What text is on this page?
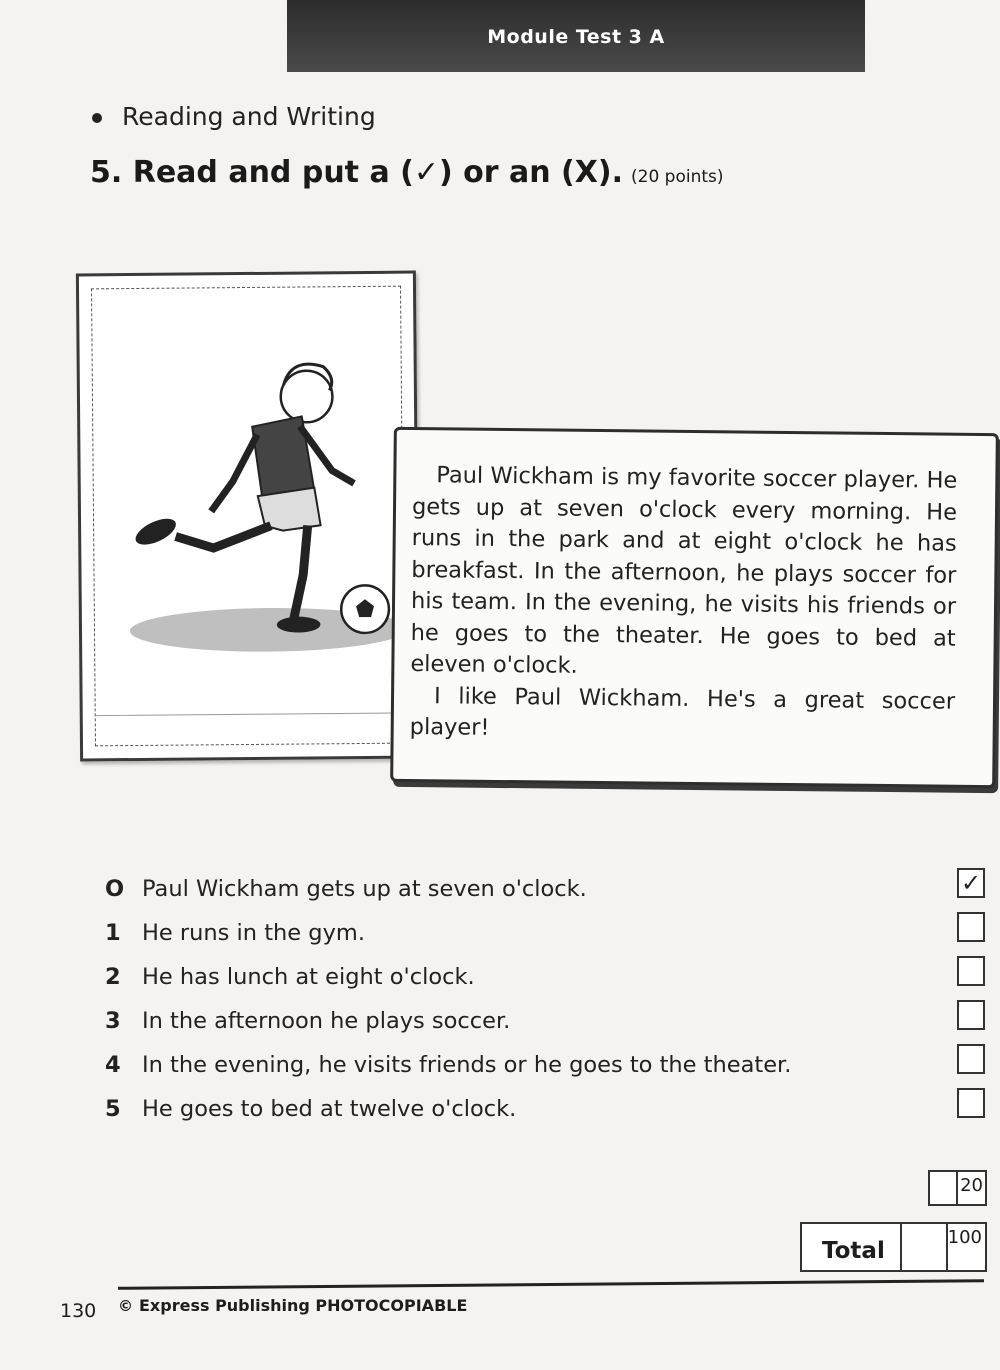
Module Test 3 A
Reading and Writing
5. Read and put a (✓) or an (X). (20 points)

Paul Wickham is my favorite soccer player. He gets up at seven o'clock every morning. He runs in the park and at eight o'clock he has breakfast. In the afternoon, he plays soccer for his team. In the evening, he visits his friends or he goes to the theater. He goes to bed at eleven o'clock.

I like Paul Wickham. He's a great soccer player!

O Paul Wickham gets up at seven o'clock.	✓
1 He runs in the gym.
2 He has lunch at eight o'clock.
3 In the afternoon he plays soccer.
4 In the evening, he visits friends or he goes to the theater.
5 He goes to bed at twelve o'clock.
20
Total
100
130 © Express Publishing PHOTOCOPIABLE
